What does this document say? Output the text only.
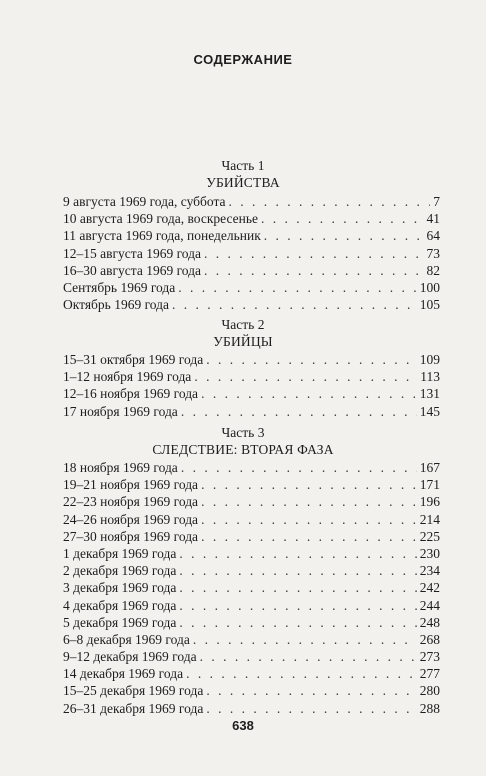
СОДЕРЖАНИЕ
Часть 1
УБИЙСТВА
9 августа 1969 года, суббота . . .	7
10 августа 1969 года, воскресенье . . .	41
11 августа 1969 года, понедельник . . .	64
12–15 августа 1969 года . . .	73
16–30 августа 1969 года . . .	82
Сентябрь 1969 года . . .	100
Октябрь 1969 года . . .	105
Часть 2
УБИЙЦЫ
15–31 октября 1969 года . . .	109
1–12 ноября 1969 года . . .	113
12–16 ноября 1969 года . . .	131
17 ноября 1969 года . . .	145
Часть 3
СЛЕДСТВИЕ: ВТОРАЯ ФАЗА
18 ноября 1969 года . . .	167
19–21 ноября 1969 года . . .	171
22–23 ноября 1969 года . . .	196
24–26 ноября 1969 года . . .	214
27–30 ноября 1969 года . . .	225
1 декабря 1969 года . . .	230
2 декабря 1969 года . . .	234
3 декабря 1969 года . . .	242
4 декабря 1969 года . . .	244
5 декабря 1969 года . . .	248
6–8 декабря 1969 года . . .	268
9–12 декабря 1969 года . . .	273
14 декабря 1969 года . . .	277
15–25 декабря 1969 года . . .	280
26–31 декабря 1969 года . . .	288
638
